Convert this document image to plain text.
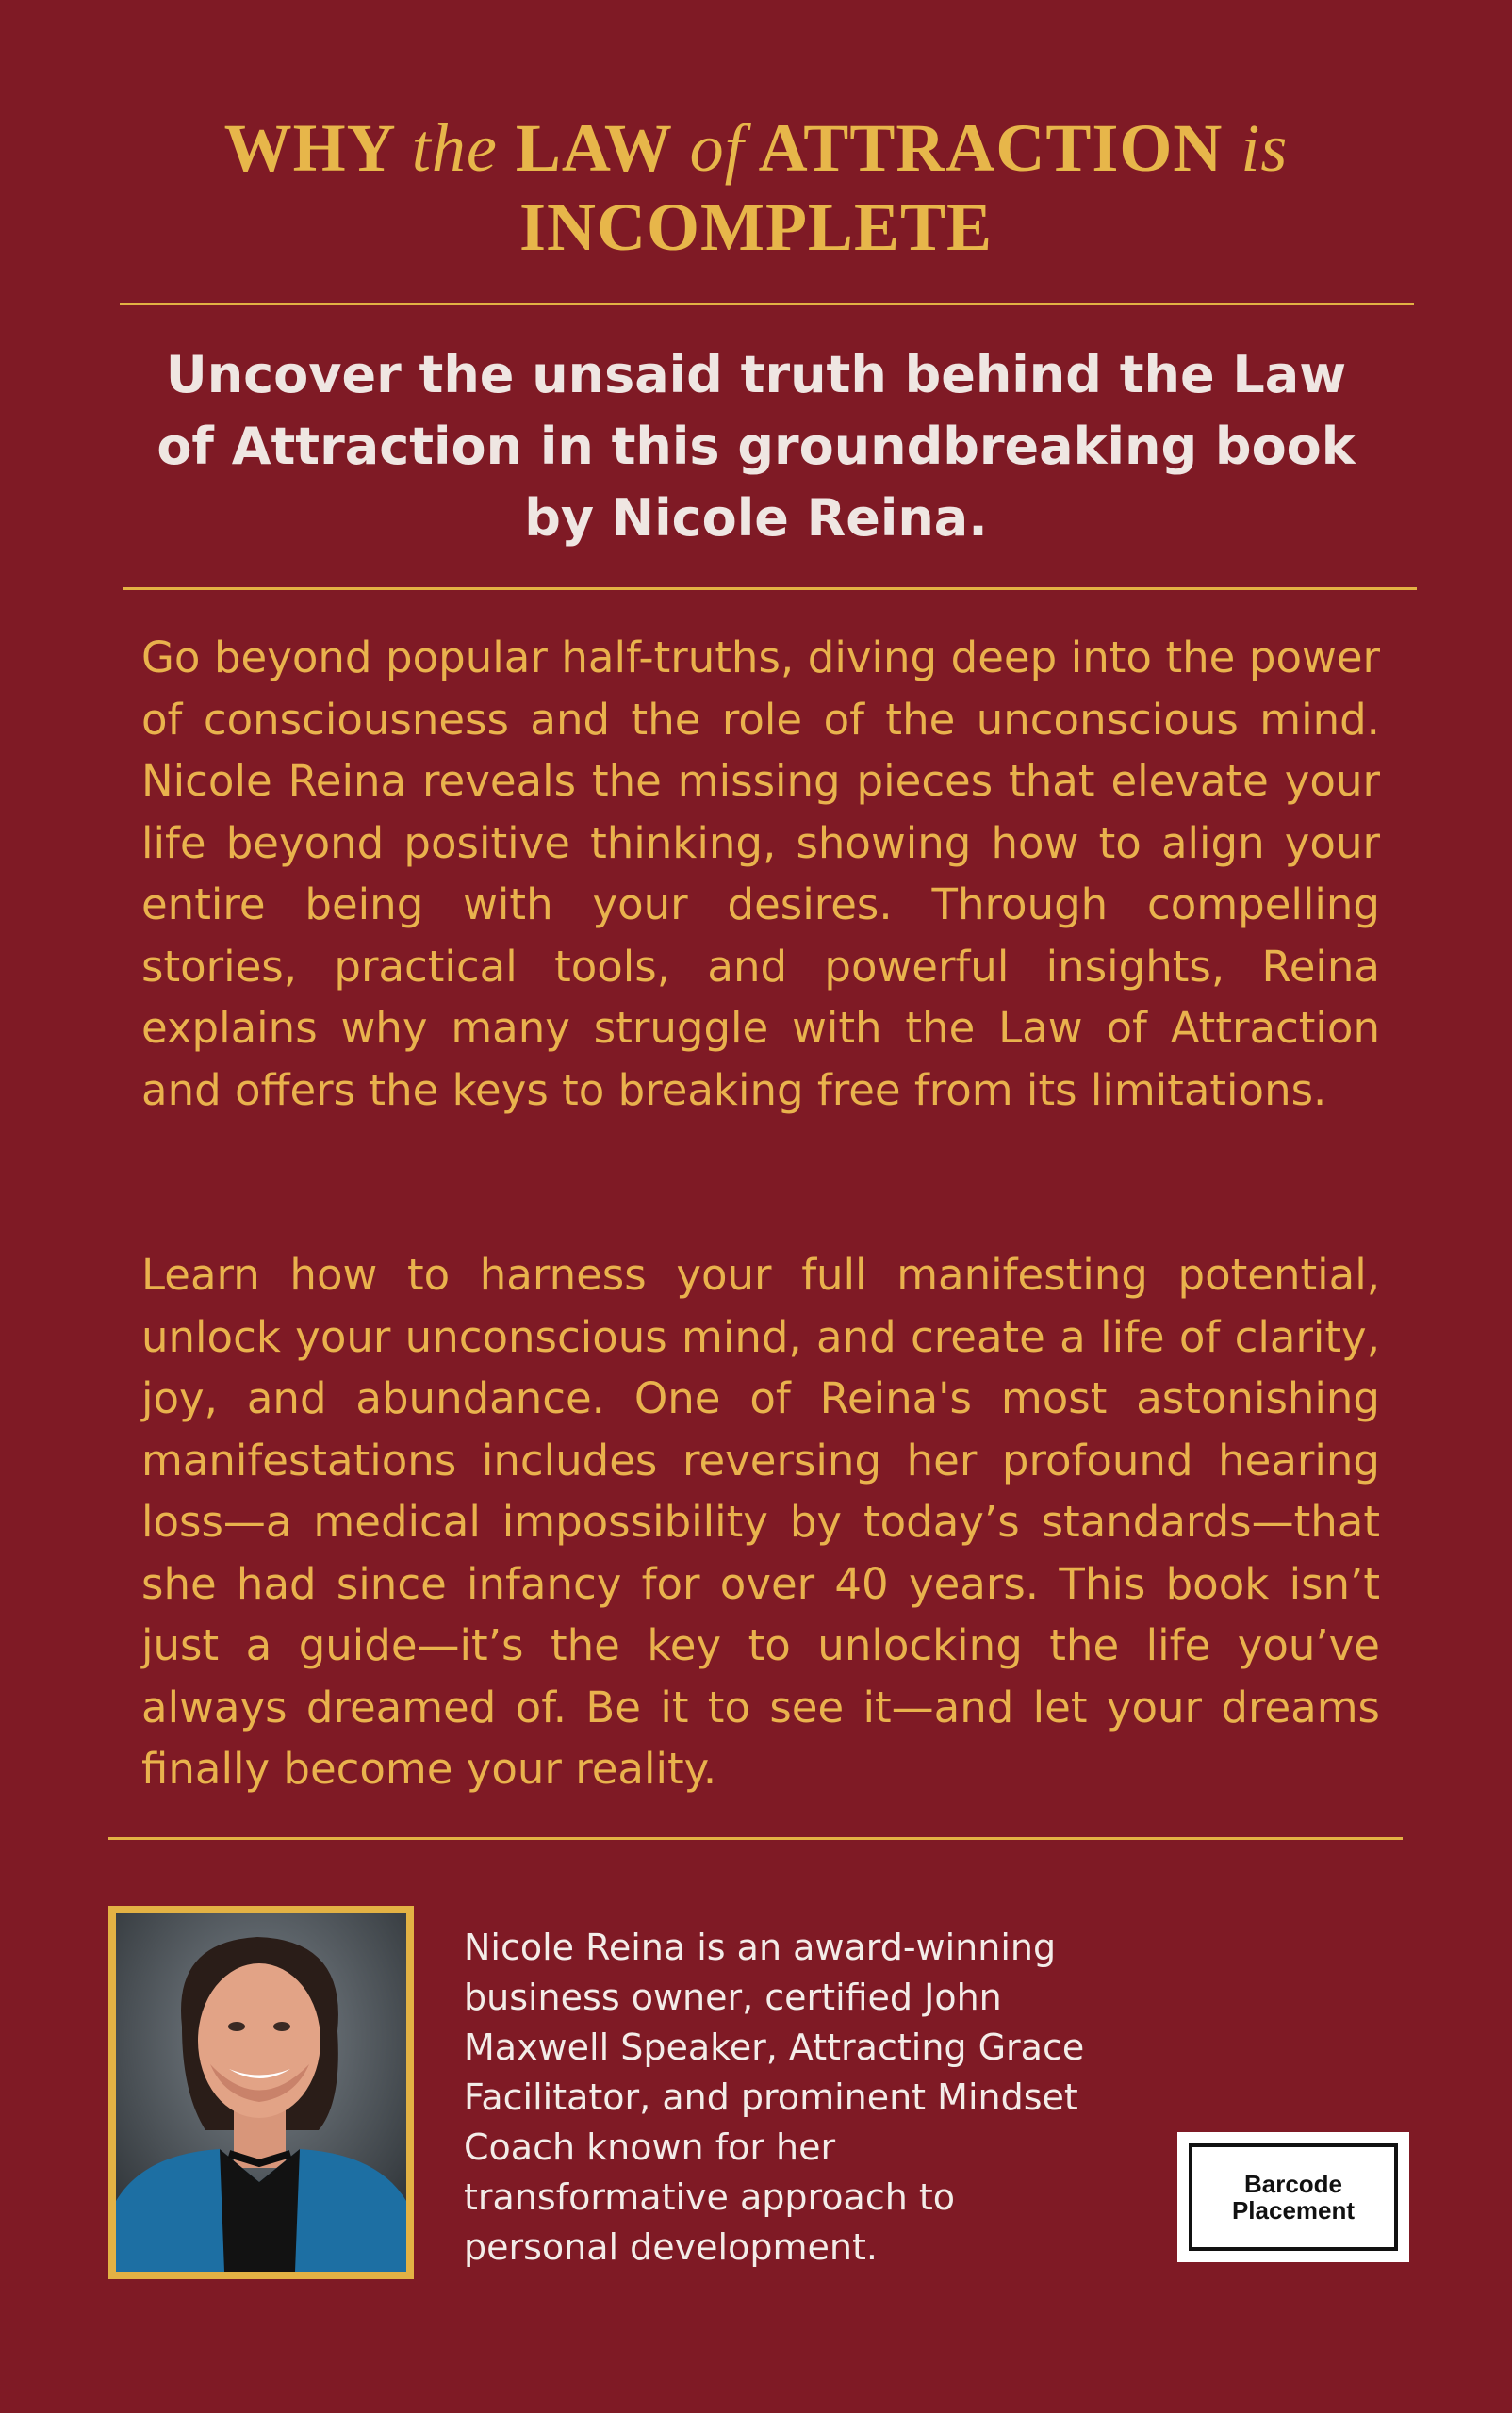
WHY the LAW of ATTRACTION is
INCOMPLETE
Uncover the unsaid truth behind the Law of Attraction in this groundbreaking book by Nicole Reina.
Go beyond popular half-truths, diving deep into the power of consciousness and the role of the unconscious mind. Nicole Reina reveals the missing pieces that elevate your life beyond positive thinking, showing how to align your entire being with your desires. Through compelling stories, practical tools, and powerful insights, Reina explains why many struggle with the Law of Attraction and offers the keys to breaking free from its limitations.
Learn how to harness your full manifesting potential, unlock your unconscious mind, and create a life of clarity, joy, and abundance. One of Reina's most astonishing manifestations includes reversing her profound hearing loss—a medical impossibility by today’s standards—that she had since infancy for over 40 years. This book isn’t just a guide—it’s the key to unlocking the life you’ve always dreamed of. Be it to see it—and let your dreams finally become your reality.
Nicole Reina is an award-winning business owner, certified John Maxwell Speaker, Attracting Grace Facilitator, and prominent Mindset Coach known for her transformative approach to personal development.
Barcode
Placement
